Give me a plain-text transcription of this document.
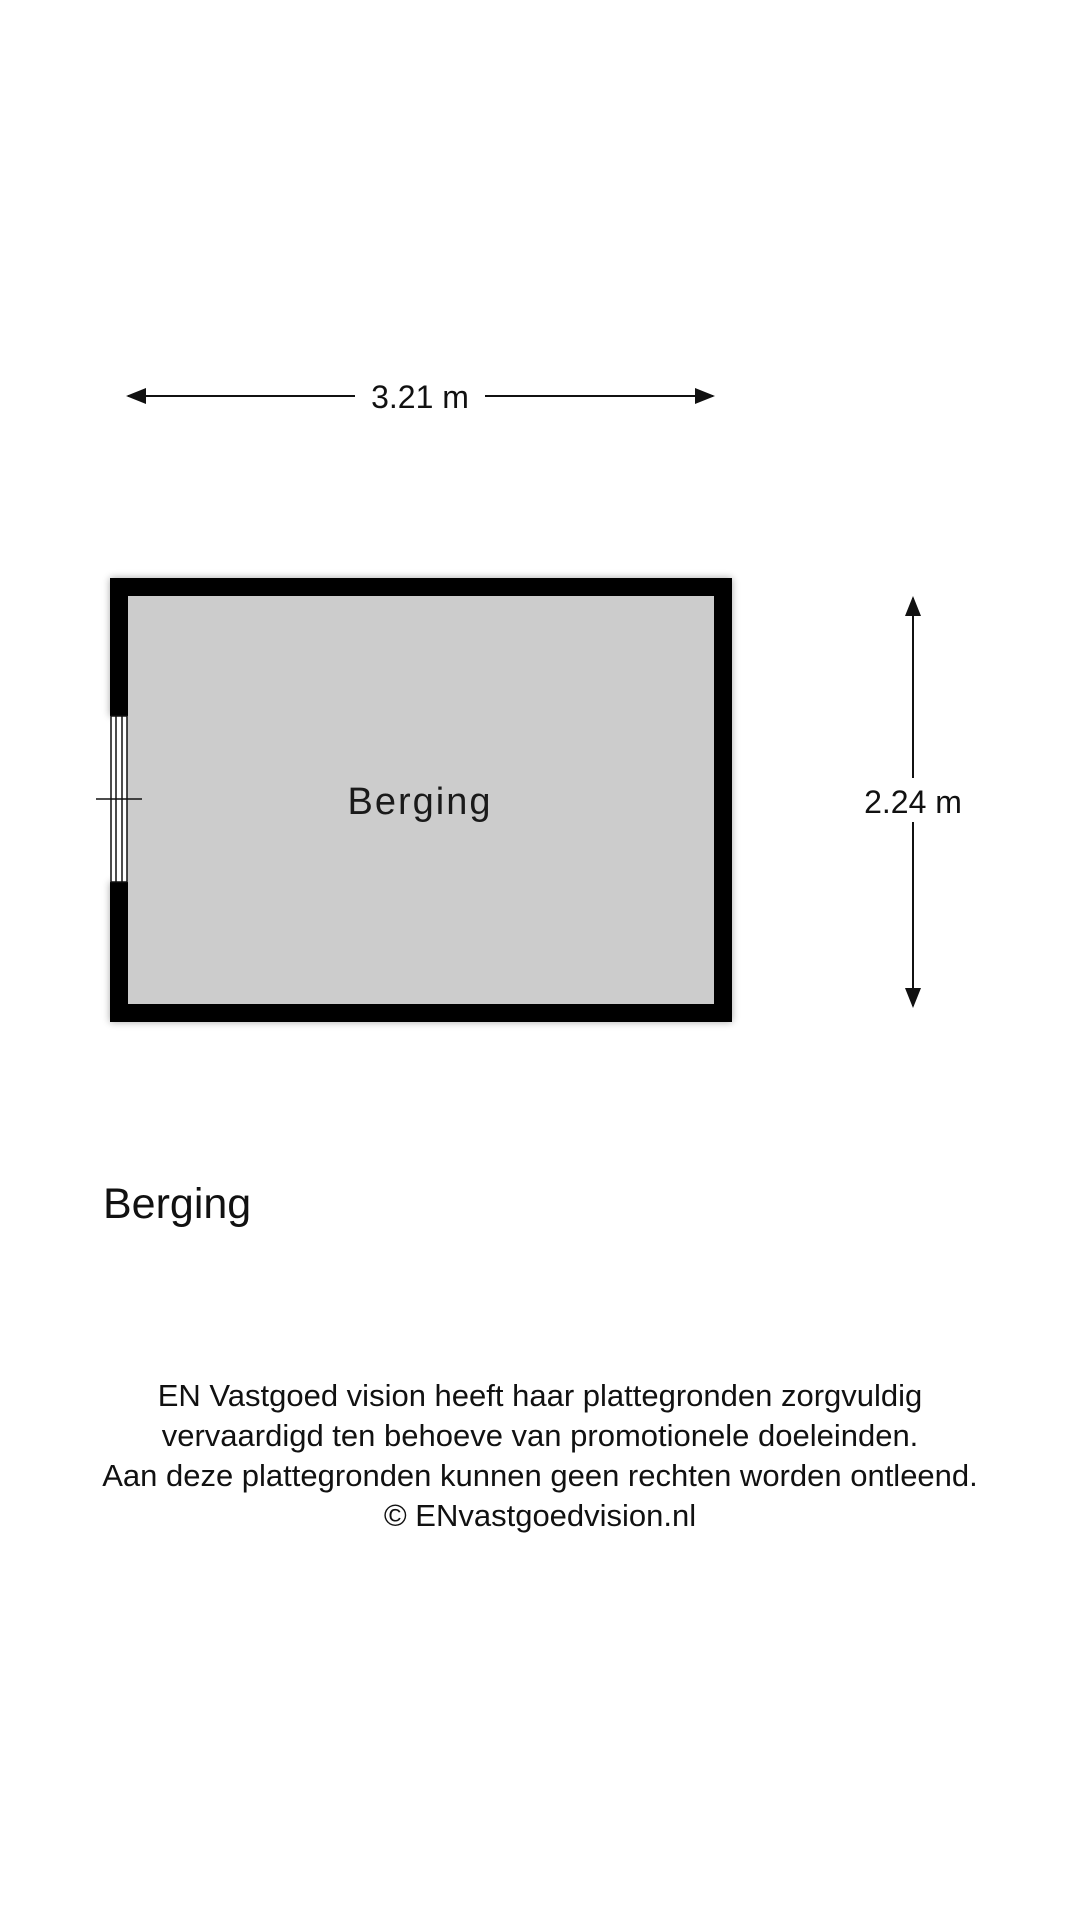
3.21 m
2.24 m
Berging
Berging
EN Vastgoed vision heeft haar plattegronden zorgvuldig
vervaardigd ten behoeve van promotionele doeleinden.
Aan deze plattegronden kunnen geen rechten worden ontleend.
© ENvastgoedvision.nl
